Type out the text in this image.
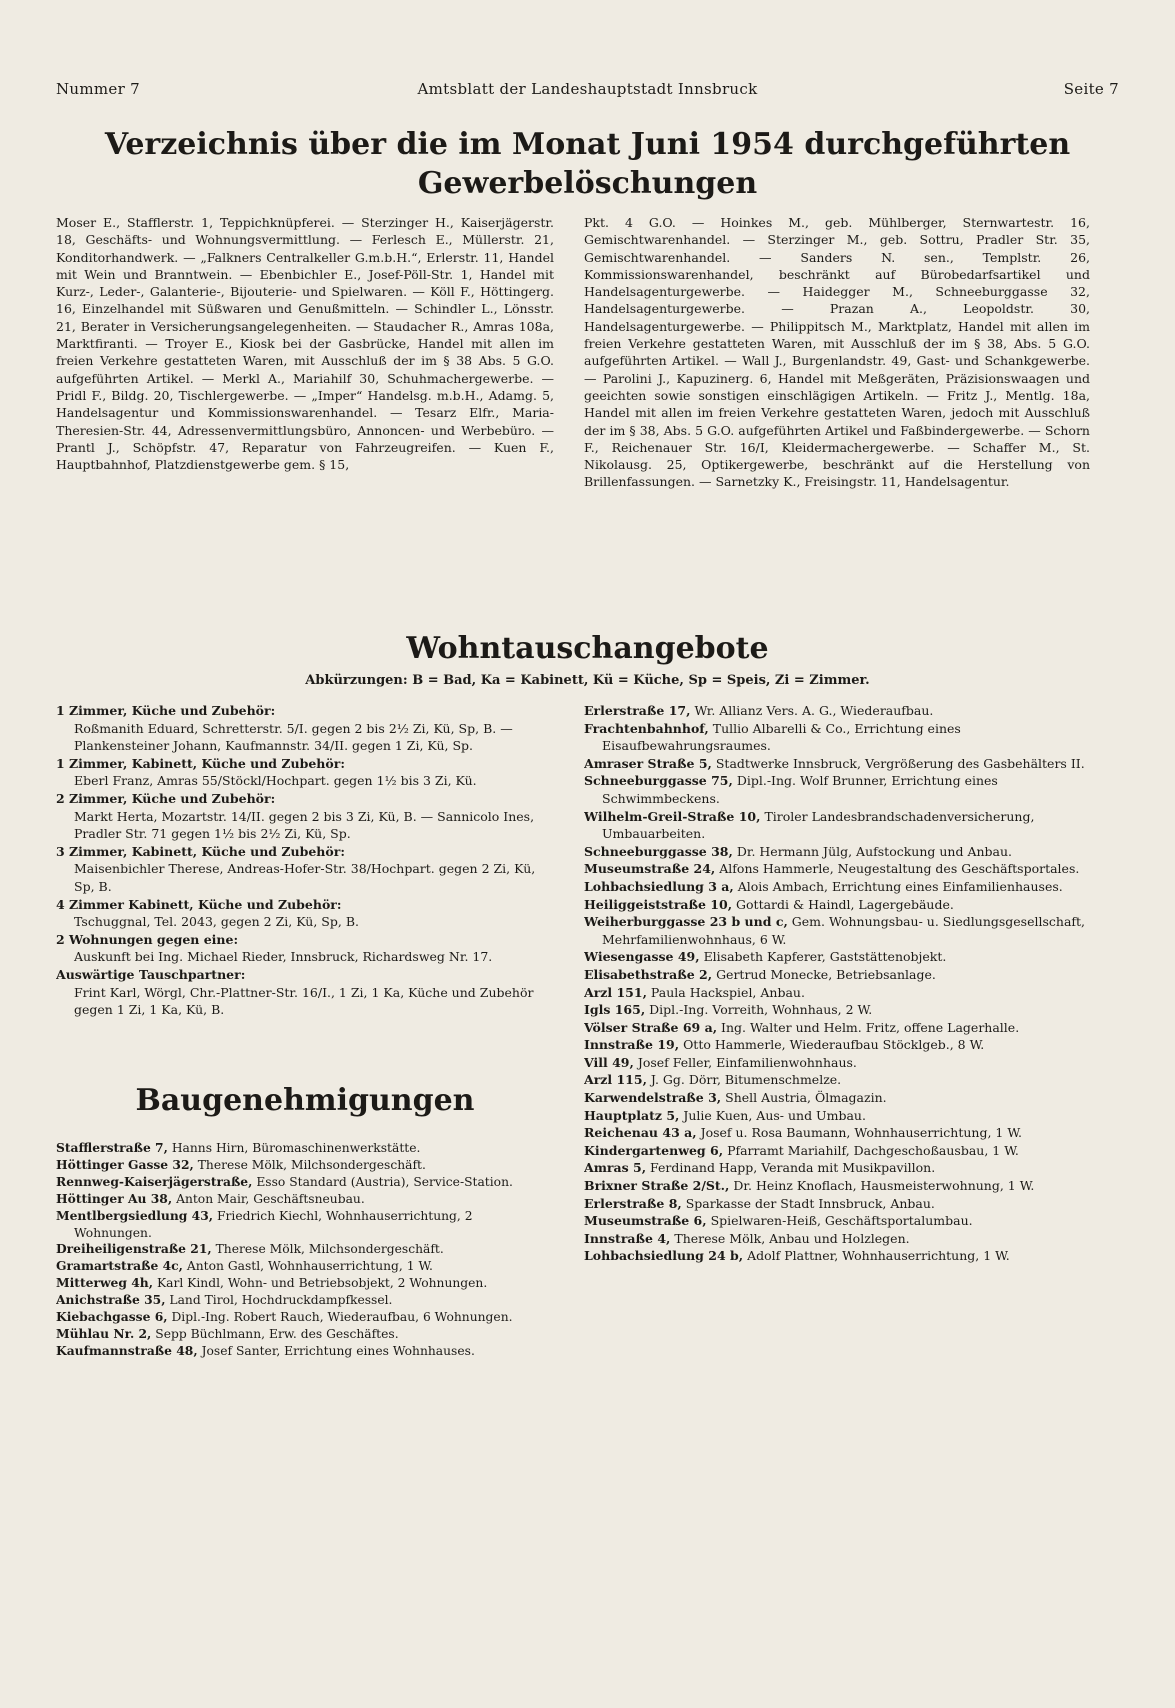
Nummer 7	Amtsblatt der Landeshauptstadt Innsbruck	Seite 7
Verzeichnis über die im Monat Juni 1954 durchgeführten
Gewerbelöschungen

Moser E., Stafflerstr. 1, Teppichknüpferei. — Sterzinger H., Kaiserjägerstr. 18, Geschäfts- und Wohnungsvermittlung. — Ferlesch E., Müllerstr. 21, Konditorhandwerk. — „Falkners Centralkeller G.m.b.H.“, Erlerstr. 11, Handel mit Wein und Branntwein. — Ebenbichler E., Josef-Pöll-Str. 1, Handel mit Kurz-, Leder-, Galanterie-, Bijouterie- und Spielwaren. — Köll F., Höttingerg. 16, Einzelhandel mit Süßwaren und Genußmitteln. — Schindler L., Lönsstr. 21, Berater in Versicherungsangelegenheiten. — Staudacher R., Amras 108a, Marktfiranti. — Troyer E., Kiosk bei der Gasbrücke, Handel mit allen im freien Verkehre gestatteten Waren, mit Ausschluß der im § 38 Abs. 5 G.O. aufgeführten Artikel. — Merkl A., Mariahilf 30, Schuhmachergewerbe. — Pridl F., Bildg. 20, Tischlergewerbe. — „Imper“ Handelsg. m.b.H., Adamg. 5, Handelsagentur und Kommissionswarenhandel. — Tesarz Elfr., Maria-Theresien-Str. 44, Adressenvermittlungsbüro, Annoncen- und Werbebüro. — Prantl J., Schöpfstr. 47, Reparatur von Fahrzeugreifen. — Kuen F., Hauptbahnhof, Platzdienstgewerbe gem. § 15,

Pkt. 4 G.O. — Hoinkes M., geb. Mühlberger, Sternwartestr. 16, Gemischtwarenhandel. — Sterzinger M., geb. Sottru, Pradler Str. 35, Gemischtwarenhandel. — Sanders N. sen., Templstr. 26, Kommissionswarenhandel, beschränkt auf Bürobedarfsartikel und Handelsagenturgewerbe. — Haidegger M., Schneeburggasse 32, Handelsagenturgewerbe. — Prazan A., Leopoldstr. 30, Handelsagenturgewerbe. — Philippitsch M., Marktplatz, Handel mit allen im freien Verkehre gestatteten Waren, mit Ausschluß der im § 38, Abs. 5 G.O. aufgeführten Artikel. — Wall J., Burgenlandstr. 49, Gast- und Schankgewerbe. — Parolini J., Kapuzinerg. 6, Handel mit Meßgeräten, Präzisionswaagen und geeichten sowie sonstigen einschlägigen Artikeln. — Fritz J., Mentlg. 18a, Handel mit allen im freien Verkehre gestatteten Waren, jedoch mit Ausschluß der im § 38, Abs. 5 G.O. aufgeführten Artikel und Faßbindergewerbe. — Schorn F., Reichenauer Str. 16/I, Kleidermachergewerbe. — Schaffer M., St. Nikolausg. 25, Optikergewerbe, beschränkt auf die Herstellung von Brillenfassungen. — Sarnetzky K., Freisingstr. 11, Handelsagentur.

Wohntauschangebote
Abkürzungen: B = Bad, Ka = Kabinett, Kü = Küche, Sp = Speis, Zi = Zimmer.
1 Zimmer, Küche und Zubehör:

Roßmanith Eduard, Schretterstr. 5/I. gegen 2 bis 2½ Zi, Kü, Sp, B. — Plankensteiner Johann, Kaufmannstr. 34/II. gegen 1 Zi, Kü, Sp.

1 Zimmer, Kabinett, Küche und Zubehör:

Eberl Franz, Amras 55/Stöckl/Hochpart. gegen 1½ bis 3 Zi, Kü.

2 Zimmer, Küche und Zubehör:

Markt Herta, Mozartstr. 14/II. gegen 2 bis 3 Zi, Kü, B. — Sannicolo Ines, Pradler Str. 71 gegen 1½ bis 2½ Zi, Kü, Sp.

3 Zimmer, Kabinett, Küche und Zubehör:

Maisenbichler Therese, Andreas-Hofer-Str. 38/Hochpart. gegen 2 Zi, Kü, Sp, B.

4 Zimmer Kabinett, Küche und Zubehör:

Tschuggnal, Tel. 2043, gegen 2 Zi, Kü, Sp, B.

2 Wohnungen gegen eine:

Auskunft bei Ing. Michael Rieder, Innsbruck, Richardsweg Nr. 17.

Auswärtige Tauschpartner:

Frint Karl, Wörgl, Chr.-Plattner-Str. 16/I., 1 Zi, 1 Ka, Küche und Zubehör gegen 1 Zi, 1 Ka, Kü, B.

Baugenehmigungen

Stafflerstraße 7, Hanns Hirn, Büromaschinenwerkstätte.

Höttinger Gasse 32, Therese Mölk, Milchsondergeschäft.

Rennweg-Kaiserjägerstraße, Esso Standard (Austria), Service-Station.

Höttinger Au 38, Anton Mair, Geschäftsneubau.

Mentlbergsiedlung 43, Friedrich Kiechl, Wohnhauserrichtung, 2 Wohnungen.

Dreiheiligenstraße 21, Therese Mölk, Milchsondergeschäft.

Gramartstraße 4c, Anton Gastl, Wohnhauserrichtung, 1 W.

Mitterweg 4h, Karl Kindl, Wohn- und Betriebsobjekt, 2 Wohnungen.

Anichstraße 35, Land Tirol, Hochdruckdampfkessel.

Kiebachgasse 6, Dipl.-Ing. Robert Rauch, Wiederaufbau, 6 Wohnungen.

Mühlau Nr. 2, Sepp Büchlmann, Erw. des Geschäftes.

Kaufmannstraße 48, Josef Santer, Errichtung eines Wohnhauses.

Erlerstraße 17, Wr. Allianz Vers. A. G., Wiederaufbau.

Frachtenbahnhof, Tullio Albarelli & Co., Errichtung eines Eisaufbewahrungsraumes.

Amraser Straße 5, Stadtwerke Innsbruck, Vergrößerung des Gasbehälters II.

Schneeburggasse 75, Dipl.-Ing. Wolf Brunner, Errichtung eines Schwimmbeckens.

Wilhelm-Greil-Straße 10, Tiroler Landesbrandschadenversicherung, Umbauarbeiten.

Schneeburggasse 38, Dr. Hermann Jülg, Aufstockung und Anbau.

Museumstraße 24, Alfons Hammerle, Neugestaltung des Geschäftsportales.

Lohbachsiedlung 3 a, Alois Ambach, Errichtung eines Einfamilienhauses.

Heiliggeiststraße 10, Gottardi & Haindl, Lagergebäude.

Weiherburggasse 23 b und c, Gem. Wohnungsbau- u. Siedlungsgesellschaft, Mehrfamilienwohnhaus, 6 W.

Wiesengasse 49, Elisabeth Kapferer, Gaststättenobjekt.

Elisabethstraße 2, Gertrud Monecke, Betriebsanlage.

Arzl 151, Paula Hackspiel, Anbau.

Igls 165, Dipl.-Ing. Vorreith, Wohnhaus, 2 W.

Völser Straße 69 a, Ing. Walter und Helm. Fritz, offene Lagerhalle.

Innstraße 19, Otto Hammerle, Wiederaufbau Stöcklgeb., 8 W.

Vill 49, Josef Feller, Einfamilienwohnhaus.

Arzl 115, J. Gg. Dörr, Bitumenschmelze.

Karwendelstraße 3, Shell Austria, Ölmagazin.

Hauptplatz 5, Julie Kuen, Aus- und Umbau.

Reichenau 43 a, Josef u. Rosa Baumann, Wohnhauserrichtung, 1 W.

Kindergartenweg 6, Pfarramt Mariahilf, Dachgeschoßausbau, 1 W.

Amras 5, Ferdinand Happ, Veranda mit Musikpavillon.

Brixner Straße 2/St., Dr. Heinz Knoflach, Hausmeisterwohnung, 1 W.

Erlerstraße 8, Sparkasse der Stadt Innsbruck, Anbau.

Museumstraße 6, Spielwaren-Heiß, Geschäftsportalumbau.

Innstraße 4, Therese Mölk, Anbau und Holzlegen.

Lohbachsiedlung 24 b, Adolf Plattner, Wohnhauserrichtung, 1 W.
